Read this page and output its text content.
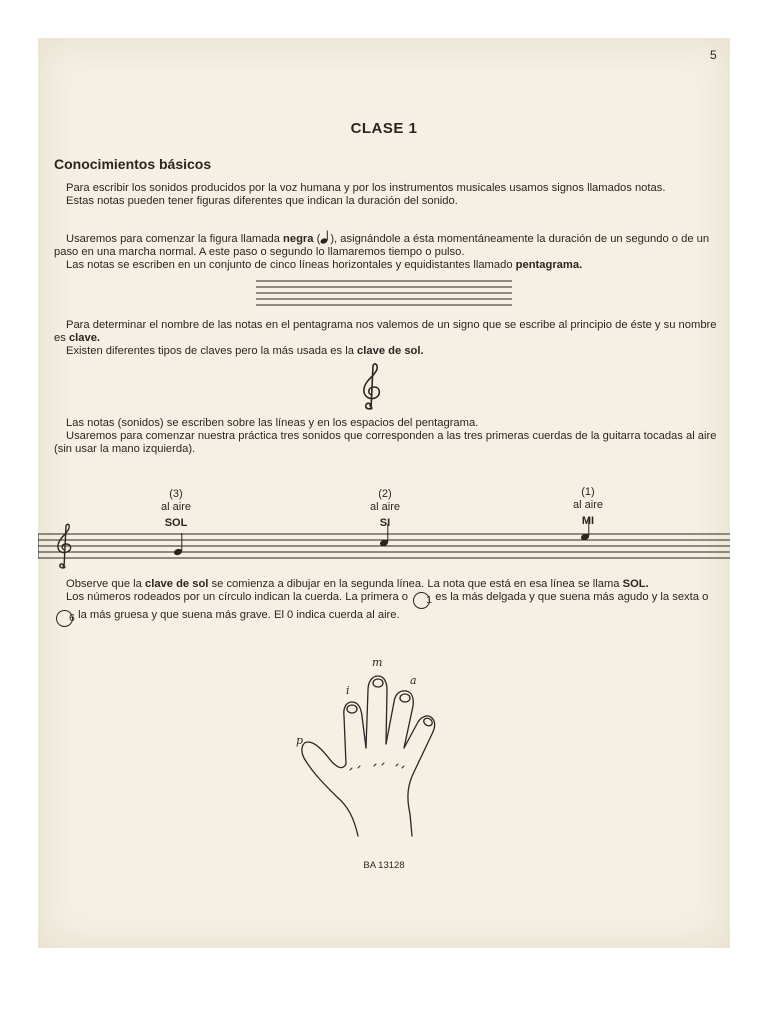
5
CLASE 1
Conocimientos básicos

Para escribir los sonidos producidos por la voz humana y por los instrumentos musicales usamos signos llamados notas.

Estas notas pueden tener figuras diferentes que indican la duración del sonido.

Usaremos para comenzar la figura llamada negra ( ), asignándole a ésta momentáneamente la duración de un segundo o de un paso en una marcha normal. A este paso o segundo lo llamaremos tiempo o pulso.

Las notas se escriben en un conjunto de cinco líneas horizontales y equidistantes llamado pentagrama.

Para determinar el nombre de las notas en el pentagrama nos valemos de un signo que se escribe al principio de éste y su nombre es clave.

Existen diferentes tipos de claves pero la más usada es la clave de sol.

Las notas (sonidos) se escriben sobre las líneas y en los espacios del pentagrama.

Usaremos para comenzar nuestra práctica tres sonidos que corresponden a las tres primeras cuerdas de la guitarra tocadas al aire (sin usar la mano izquierda).

(3)
al aire
SOL
(2)
al aire
SI
(1)
al aire
MI

Observe que la clave de sol se comienza a dibujar en la segunda línea. La nota que está en esa línea se llama SOL.

Los números rodeados por un círculo indican la cuerda. La primera o 1 es la más delgada y que suena más agudo y la sexta o 6 la más gruesa y que suena más grave. El 0 indica cuerda al aire.

p
i
m
a
BA 13128
